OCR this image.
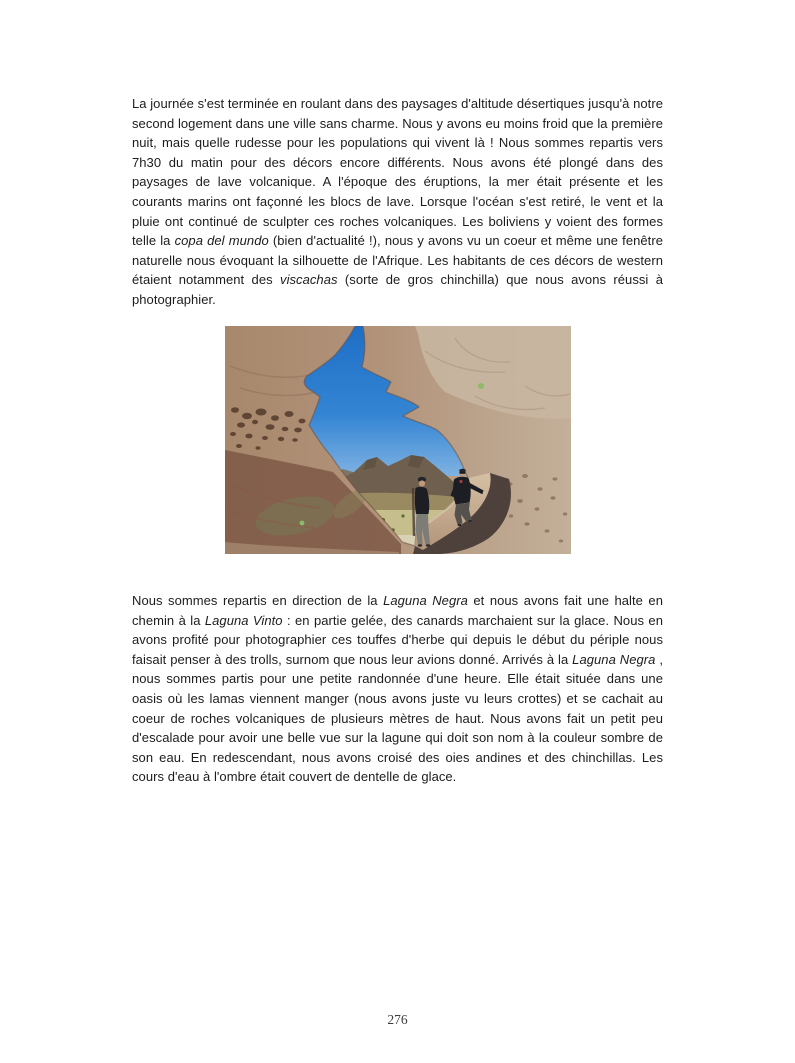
La journée s'est terminée en roulant dans des paysages d'altitude désertiques jusqu'à notre second logement dans une ville sans charme. Nous y avons eu moins froid que la première nuit, mais quelle rudesse pour les populations qui vivent là ! Nous sommes repartis vers 7h30 du matin pour des décors encore différents. Nous avons été plongé dans des paysages de lave volcanique. A l'époque des éruptions, la mer était présente et les courants marins ont façonné les blocs de lave. Lorsque l'océan s'est retiré, le vent et la pluie ont continué de sculpter ces roches volcaniques. Les boliviens y voient des formes telle la copa del mundo (bien d'actualité !), nous y avons vu un coeur et même une fenêtre naturelle nous évoquant la silhouette de l'Afrique. Les habitants de ces décors de western étaient notamment des viscachas (sorte de gros chinchilla) que nous avons réussi à photographier.

Nous sommes repartis en direction de la Laguna Negra et nous avons fait une halte en chemin à la Laguna Vinto : en partie gelée, des canards marchaient sur la glace. Nous en avons profité pour photographier ces touffes d'herbe qui depuis le début du périple nous faisait penser à des trolls, surnom que nous leur avions donné. Arrivés à la Laguna Negra , nous sommes partis pour une petite randonnée d'une heure. Elle était située dans une oasis où les lamas viennent manger (nous avons juste vu leurs crottes) et se cachait au coeur de roches volcaniques de plusieurs mètres de haut. Nous avons fait un petit peu d'escalade pour avoir une belle vue sur la lagune qui doit son nom à la couleur sombre de son eau. En redescendant, nous avons croisé des oies andines et des chinchillas. Les cours d'eau à l'ombre était couvert de dentelle de glace.

276
